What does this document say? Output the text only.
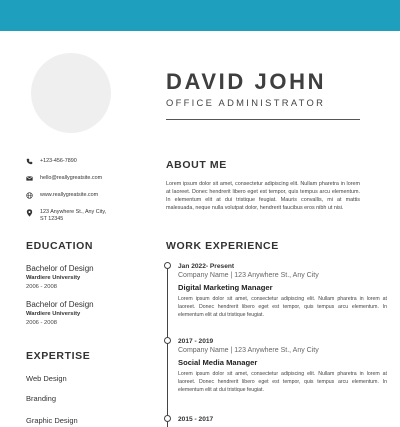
DAVID JOHN
OFFICE ADMINISTRATOR
+123-456-7890
hello@reallygreatsite.com
www.reallygreatsite.com
123 Anywhere St., Any City,
ST 12345
EDUCATION
Bachelor of Design
Wardiere University
2006 - 2008
Bachelor of Design
Wardiere University
2006 - 2008
EXPERTISE
Web Design
Branding
Graphic Design
ABOUT ME
Lorem ipsum dolor sit amet, consectetur adipiscing elit. Nullam pharetra in lorem at laoreet. Donec hendrerit libero eget est tempor, quis tempus arcu elementum. In elementum elit at dui tristique feugiat. Mauris convallis, mi at mattis malesuada, neque nulla volutpat dolor, hendrerit faucibus eros nibh ut nisi.
WORK EXPERIENCE
Jan 2022- Present
Company Name | 123 Anywhere St., Any City
Digital Marketing Manager
Lorem ipsum dolor sit amet, consectetur adipiscing elit. Nullam pharetra in lorem at laoreet. Donec hendrerit libero eget est tempor, quis tempus arcu elementum. In elementum elit at dui tristique feugiat.
2017 - 2019
Company Name | 123 Anywhere St., Any City
Social Media Manager
Lorem ipsum dolor sit amet, consectetur adipiscing elit. Nullam pharetra in lorem at laoreet. Donec hendrerit libero eget est tempor, quis tempus arcu elementum. In elementum elit at dui tristique feugiat.
2015 - 2017
